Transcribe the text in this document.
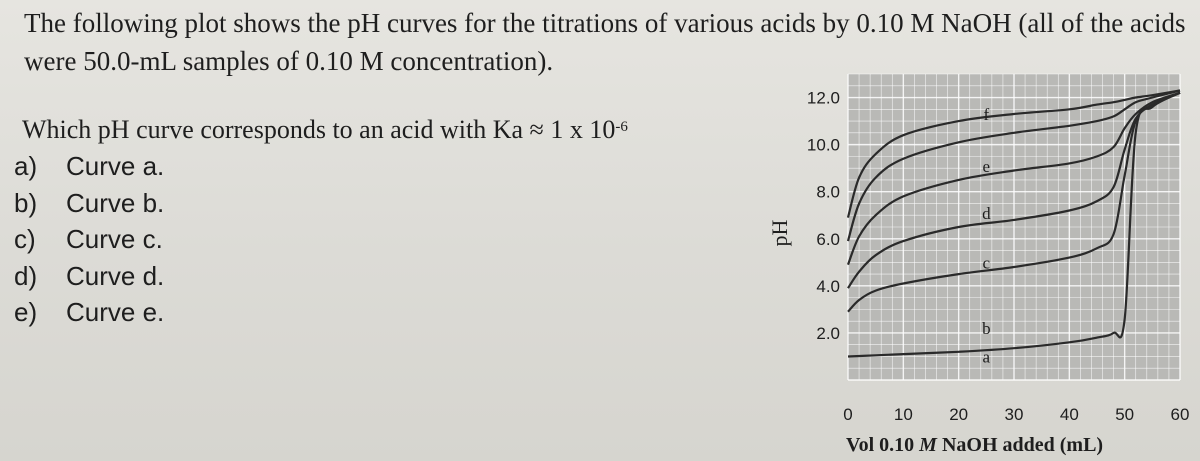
The following plot shows the pH curves for the titrations of various acids by 0.10 M NaOH (all of the acids were 50.0-mL samples of 0.10 M concentration).
Which pH curve corresponds to an acid with Ka ≈ 1 x $10^{-6}$
a) Curve a.
b) Curve b.
c) Curve c.
d) Curve d.
e) Curve e.
2.0
4.0
6.0
8.0
10.0
12.0
0 10 20 30 40 50 60
a
b
c
d
e
f
pH
Vol 0.10 M NaOH added (mL)
